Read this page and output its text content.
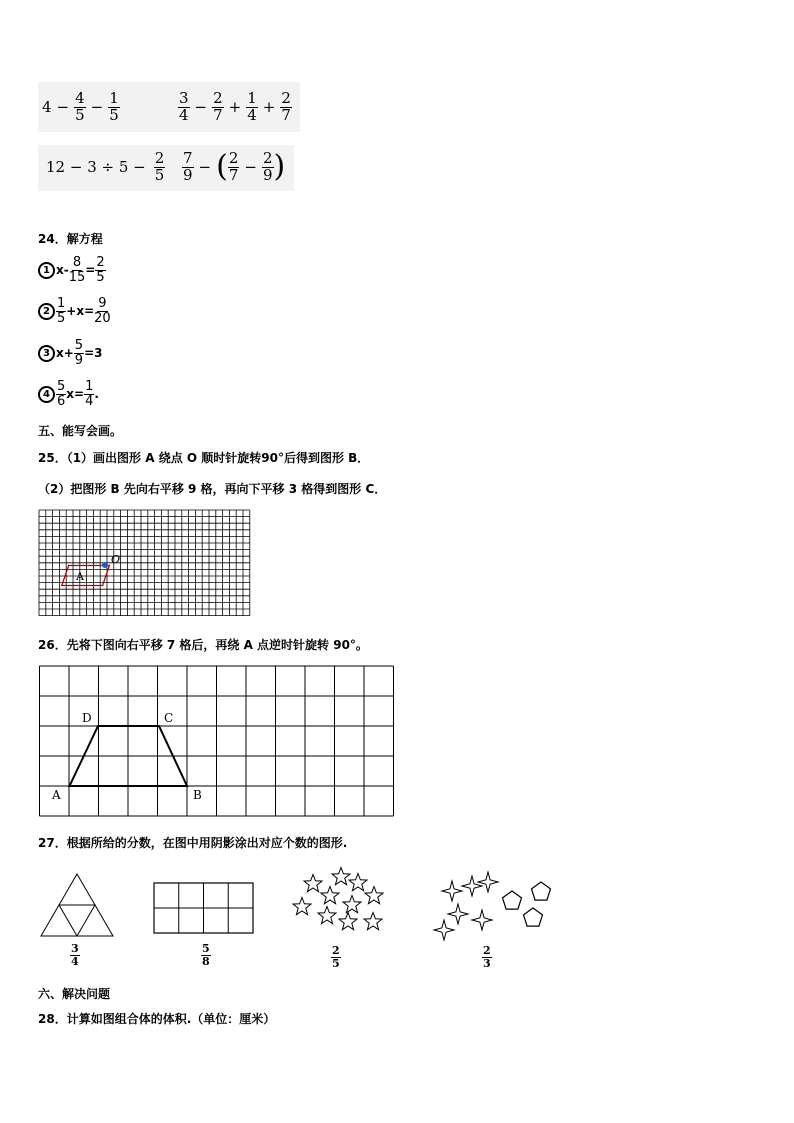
$4 - \frac{4}{5} - \frac{1}{5}$	$\frac{3}{4} - \frac{2}{7} + \frac{1}{4} + \frac{2}{7}$
$12 - 3 \div 5 - \frac{2}{5} \frac{7}{9}$ − ( $\frac{2}{7} - \frac{2}{9}$ )
24．解方程
1 $x- \frac{8}{15} = \frac{2}{5}$
$2 \frac{1}{5} +x= \frac{9}{20}$
3 $x+ \frac{5}{9} =3$
$4 \frac{5}{6} x= \frac{1}{4}$ .
五、能写会画。
25．（1）画出图形 A 绕点 O 顺时针旋转90°后得到图形 B．
（2）把图形 B 先向右平移 9 格，再向下平移 3 格得到图形 C．
A
O
26．先将下图向右平移 7 格后，再绕 A 点逆时针旋转 90°。
D	C
A	B
27．根据所给的分数，在图中用阴影涂出对应个数的图形.
$\frac{3}{4}$	$\frac{5}{8}$	$\frac{2}{5}$	$\frac{2}{3}$
六、解决问题
28．计算如图组合体的体积.（单位：厘米）
